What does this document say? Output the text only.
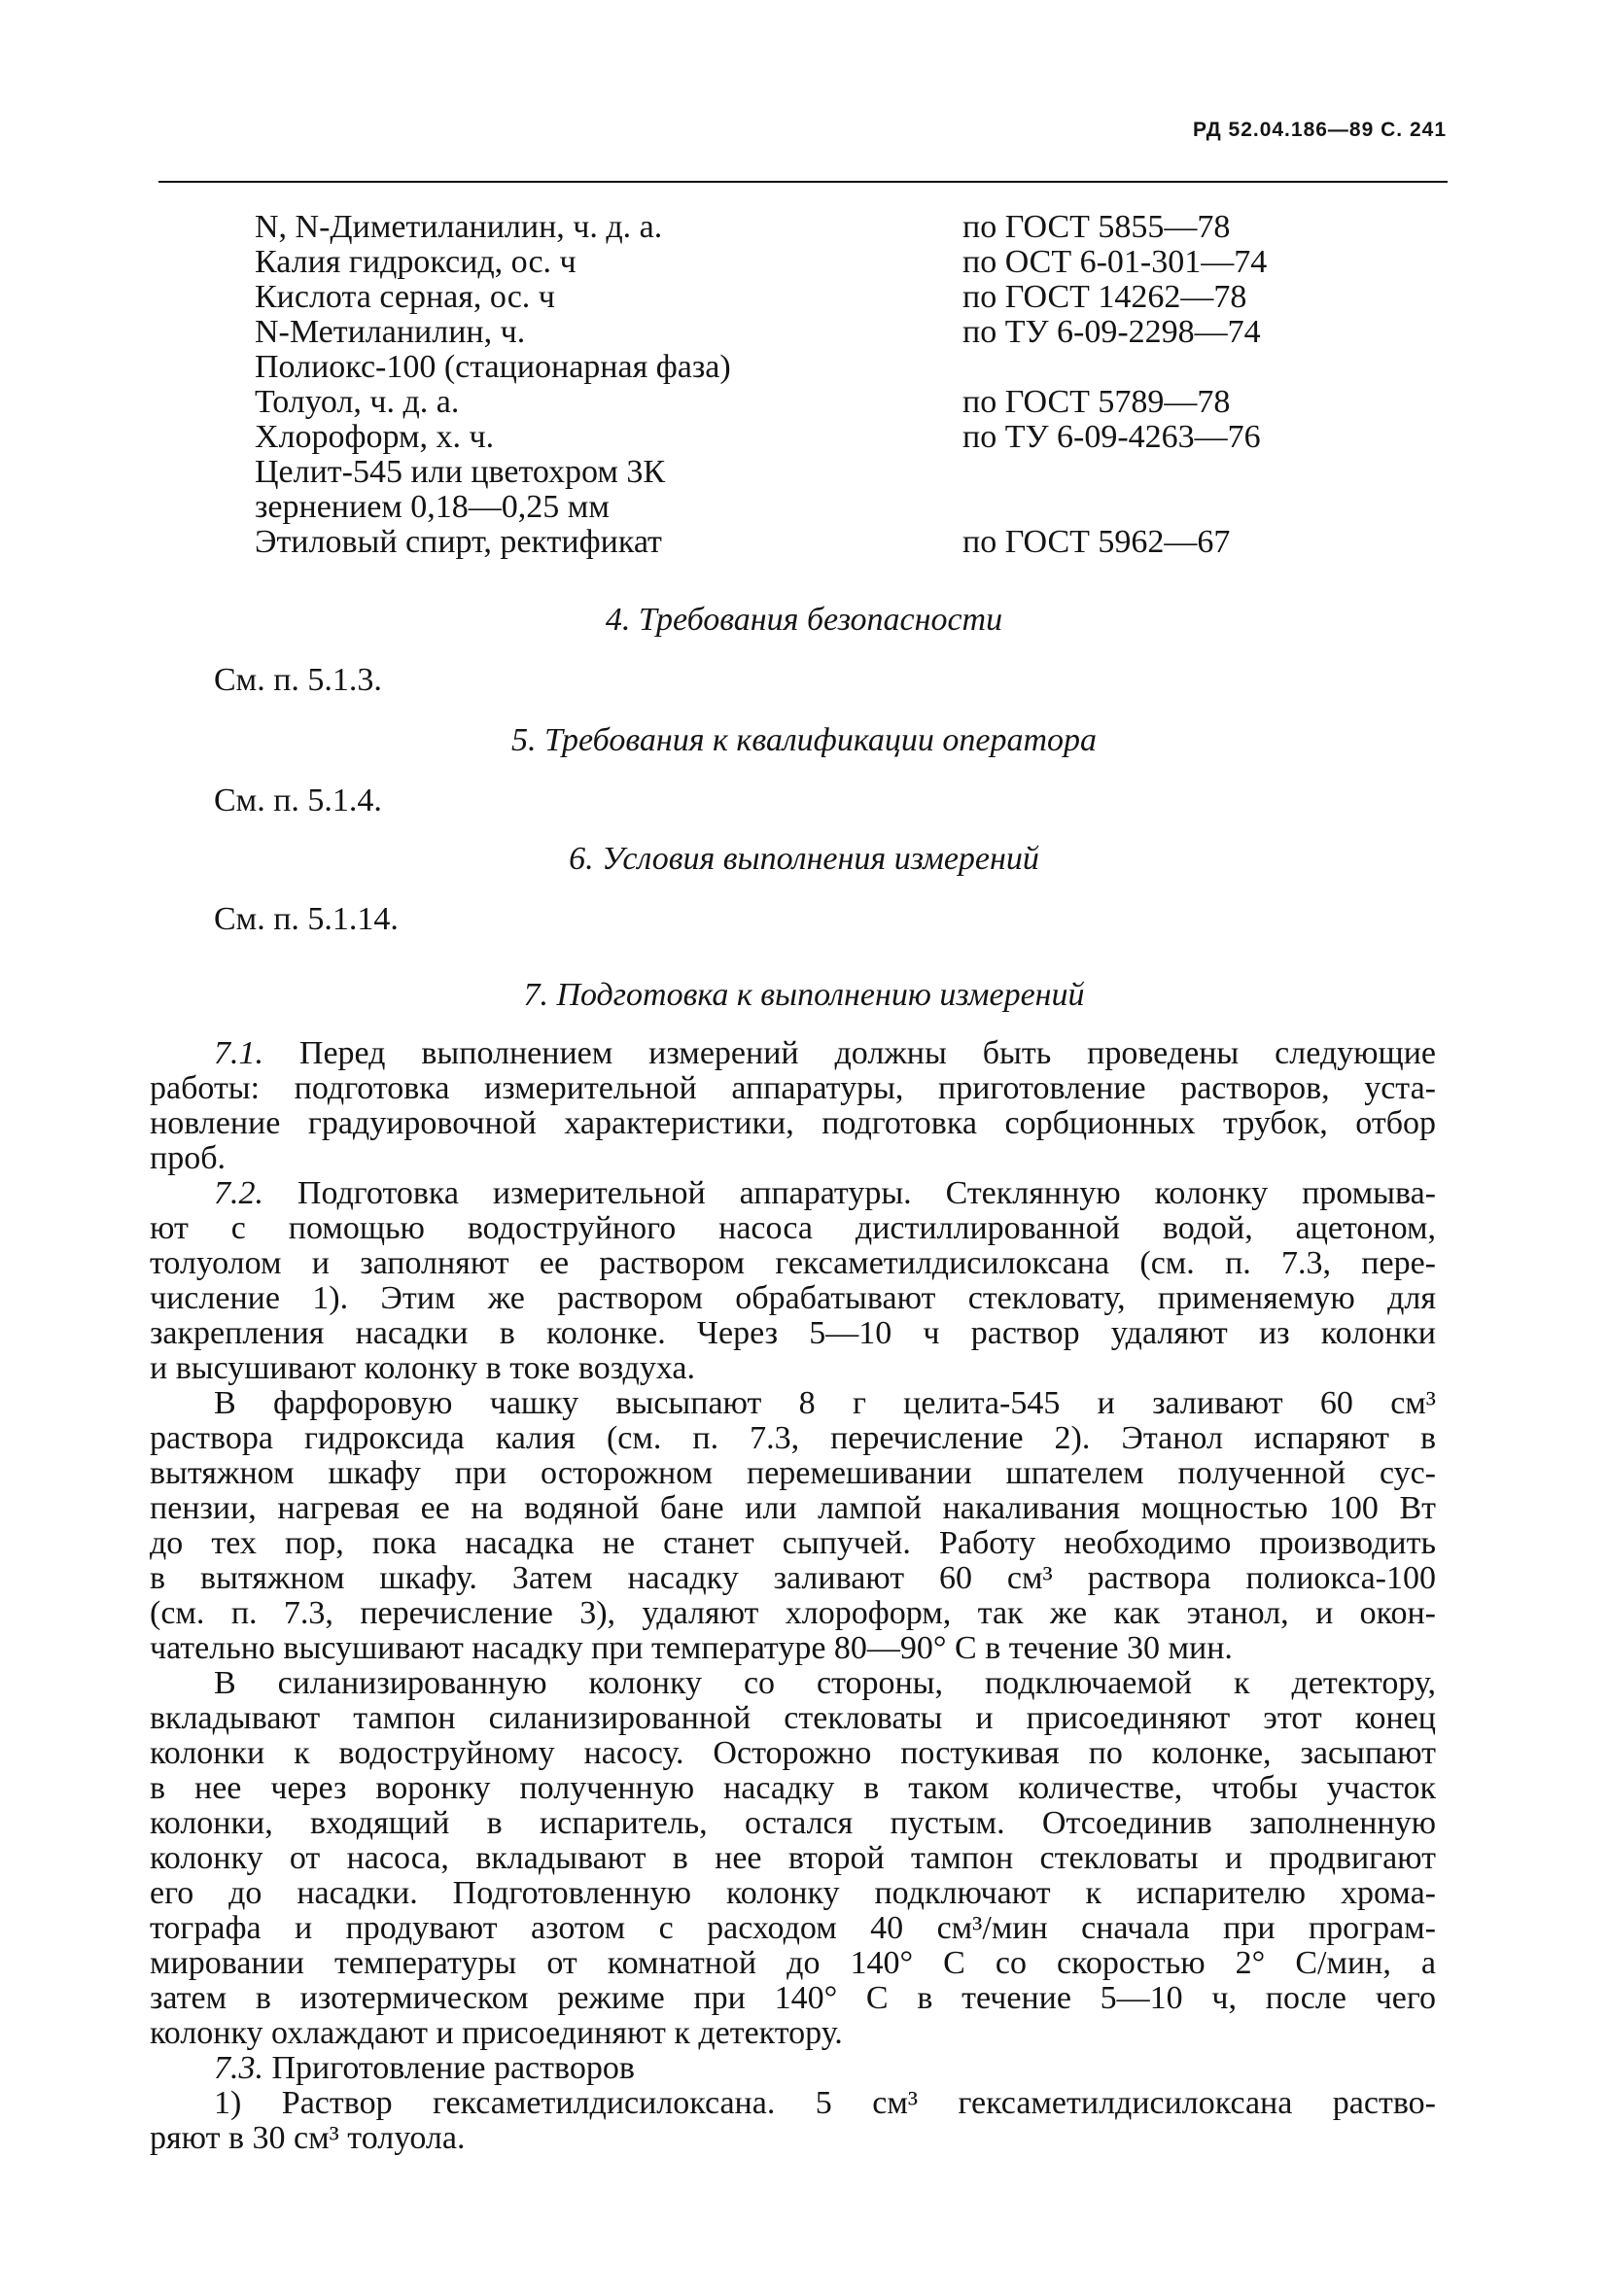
РД 52.04.186—89 С. 241
N, N-Диметиланилин, ч. д. а.	по ГОСТ 5855—78
Калия гидроксид, ос. ч	по ОСТ 6-01-301—74
Кислота серная, ос. ч	по ГОСТ 14262—78
N-Метиланилин, ч.	по ТУ 6-09-2298—74
Полиокс-100 (стационарная фаза)
Толуол, ч. д. а.	по ГОСТ 5789—78
Хлороформ, х. ч.	по ТУ 6-09-4263—76
Целит-545 или цветохром 3К
зернением 0,18—0,25 мм
Этиловый спирт, ректификат	по ГОСТ 5962—67
4. Требования безопасности
См. п. 5.1.3.
5. Требования к квалификации оператора
См. п. 5.1.4.
6. Условия выполнения измерений
См. п. 5.1.14.
7. Подготовка к выполнению измерений
7.1. Перед выполнением измерений должны быть проведены следующие
работы: подготовка измерительной аппаратуры, приготовление растворов, уста-
новление градуировочной характеристики, подготовка сорбционных трубок, отбор
проб.
7.2. Подготовка измерительной аппаратуры. Стеклянную колонку промыва-
ют с помощью водоструйного насоса дистиллированной водой, ацетоном,
толуолом и заполняют ее раствором гексаметилдисилоксана (см. п. 7.3, пере-
числение 1). Этим же раствором обрабатывают стекловату, применяемую для
закрепления насадки в колонке. Через 5—10 ч раствор удаляют из колонки
и высушивают колонку в токе воздуха.
В фарфоровую чашку высыпают 8 г целита-545 и заливают 60 см³
раствора гидроксида калия (см. п. 7.3, перечисление 2). Этанол испаряют в
вытяжном шкафу при осторожном перемешивании шпателем полученной сус-
пензии, нагревая ее на водяной бане или лампой накаливания мощностью 100 Вт
до тех пор, пока насадка не станет сыпучей. Работу необходимо производить
в вытяжном шкафу. Затем насадку заливают 60 см³ раствора полиокса-100
(см. п. 7.3, перечисление 3), удаляют хлороформ, так же как этанол, и окон-
чательно высушивают насадку при температуре 80—90° С в течение 30 мин.
В силанизированную колонку со стороны, подключаемой к детектору,
вкладывают тампон силанизированной стекловаты и присоединяют этот конец
колонки к водоструйному насосу. Осторожно постукивая по колонке, засыпают
в нее через воронку полученную насадку в таком количестве, чтобы участок
колонки, входящий в испаритель, остался пустым. Отсоединив заполненную
колонку от насоса, вкладывают в нее второй тампон стекловаты и продвигают
его до насадки. Подготовленную колонку подключают к испарителю хрома-
тографа и продувают азотом с расходом 40 см³/мин сначала при програм-
мировании температуры от комнатной до 140° С со скоростью 2° С/мин, а
затем в изотермическом режиме при 140° С в течение 5—10 ч, после чего
колонку охлаждают и присоединяют к детектору.
7.3. Приготовление растворов
1) Раствор гексаметилдисилоксана. 5 см³ гексаметилдисилоксана раство-
ряют в 30 см³ толуола.
